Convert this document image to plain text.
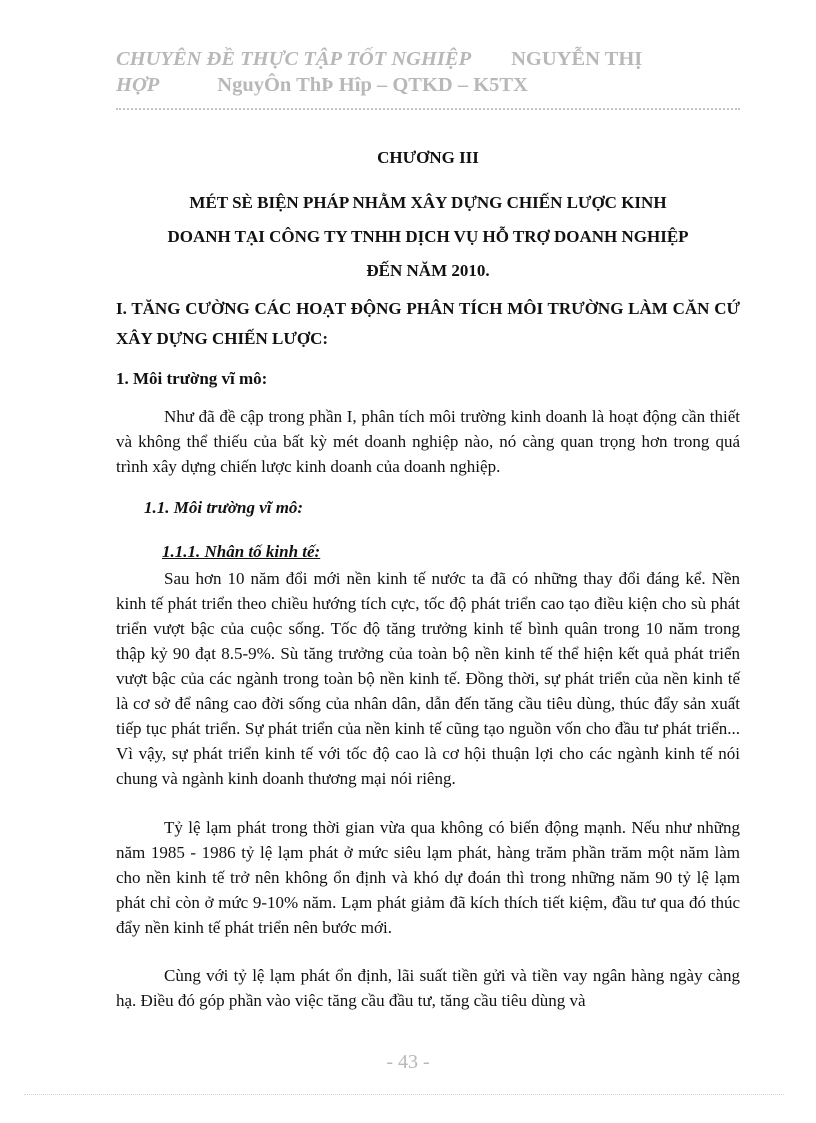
CHUYÊN ĐỀ THỰC TẬP TỐT NGHIỆP NGUYỄN THỊ
HỢP	NguyÔn ThÞ Hîp – QTKD – K5TX
CHƯƠNG III
MÉT SÈ BIỆN PHÁP NHẰM XÂY DỰNG CHIẾN LƯỢC KINH
DOANH TẠI CÔNG TY TNHH DỊCH VỤ HỖ TRỢ DOANH NGHIỆP
ĐẾN NĂM 2010.
I. TĂNG CƯỜNG CÁC HOẠT ĐỘNG PHÂN TÍCH MÔI TRƯỜNG LÀM CĂN CỨ XÂY DỰNG CHIẾN LƯỢC:
1. Môi trường vĩ mô:
Như đã đề cập trong phần I, phân tích môi trường kinh doanh là hoạt động cần thiết và không thể thiếu của bất kỳ mét doanh nghiệp nào, nó càng quan trọng hơn trong quá trình xây dựng chiến lược kinh doanh của doanh nghiệp.
1.1. Môi trường vĩ mô:
1.1.1. Nhân tố kinh tế:
Sau hơn 10 năm đổi mới nền kinh tế nước ta đã có những thay đổi đáng kể. Nền kinh tế phát triển theo chiều hướng tích cực, tốc độ phát triển cao tạo điều kiện cho sù phát triển vượt bậc của cuộc sống. Tốc độ tăng trưởng kinh tế bình quân trong 10 năm trong thập kỷ 90 đạt 8.5-9%. Sù tăng trưởng của toàn bộ nền kinh tế thể hiện kết quả phát triển vượt bậc của các ngành trong toàn bộ nền kinh tế. Đồng thời, sự phát triển của nền kinh tế là cơ sở để nâng cao đời sống của nhân dân, dẫn đến tăng cầu tiêu dùng, thúc đẩy sản xuất tiếp tục phát triển. Sự phát triển của nền kinh tế cũng tạo nguồn vốn cho đầu tư phát triển... Vì vậy, sự phát triển kinh tế với tốc độ cao là cơ hội thuận lợi cho các ngành kinh tế nói chung và ngành kinh doanh thương mại nói riêng.
Tỷ lệ lạm phát trong thời gian vừa qua không có biến động mạnh. Nếu như những năm 1985 - 1986 tỷ lệ lạm phát ở mức siêu lạm phát, hàng trăm phần trăm một năm làm cho nền kinh tế trở nên không ổn định và khó dự đoán thì trong những năm 90 tỷ lệ lạm phát chỉ còn ở mức 9-10% năm. Lạm phát giảm đã kích thích tiết kiệm, đầu tư qua đó thúc đẩy nền kinh tế phát triển nên bước mới.
Cùng với tỷ lệ lạm phát ổn định, lãi suất tiền gửi và tiền vay ngân hàng ngày càng hạ. Điều đó góp phần vào việc tăng cầu đầu tư, tăng cầu tiêu dùng và
- 43 -
